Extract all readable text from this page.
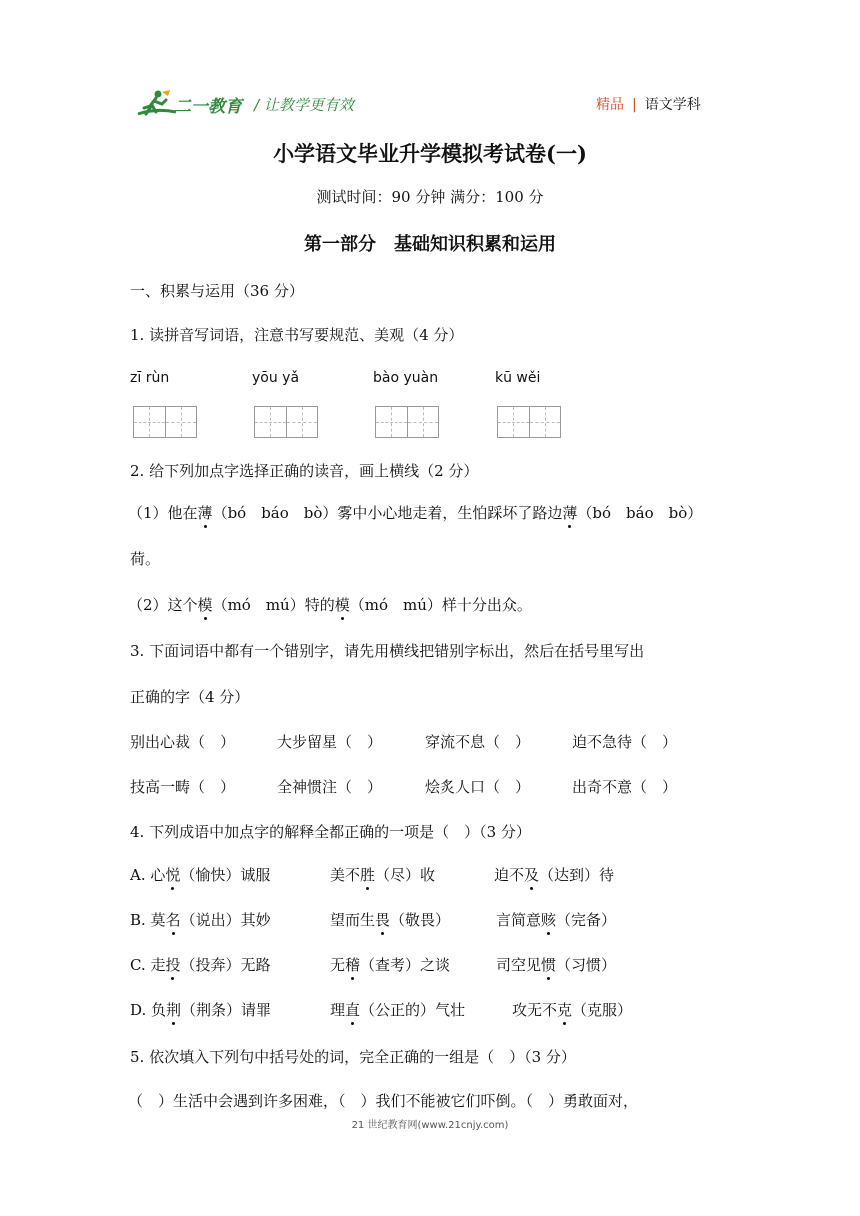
二一教育 / 让教学更有效	精品 | 语文学科
小学语文毕业升学模拟考试卷(一)
测试时间：90 分钟 满分：100 分
第一部分　基础知识积累和运用
一、积累与运用（36 分）
1. 读拼音写词语，注意书写要规范、美观（4 分）
zī rùn	yōu yǎ	bào yuàn	kū wěi
2. 给下列加点字选择正确的读音，画上横线（2 分）
（1）他在薄（bó　báo　bò）雾中小心地走着，生怕踩坏了路边薄（bó　báo　bò）
荷。
（2）这个模（mó　mú）特的模（mó　mú）样十分出众。
3. 下面词语中都有一个错别字，请先用横线把错别字标出，然后在括号里写出
正确的字（4 分）
别出心裁（　）	大步留星（　）	穿流不息（　）	迫不急待（　）
技高一畴（　）	全神惯注（　）	烩炙人口（　）	出奇不意（　）
4. 下列成语中加点字的解释全都正确的一项是（　）（3 分）
A. 心悦（愉快）诚服	美不胜（尽）收	迫不及（达到）待
B. 莫名（说出）其妙	望而生畏（敬畏）	言简意赅（完备）
C. 走投（投奔）无路	无稽（查考）之谈	司空见惯（习惯）
D. 负荆（荆条）请罪	理直（公正的）气壮	攻无不克（克服）
5. 依次填入下列句中括号处的词，完全正确的一组是（　）（3 分）
（　）生活中会遇到许多困难，（　）我们不能被它们吓倒。（　）勇敢面对，
21 世纪教育网(www.21cnjy.com)
